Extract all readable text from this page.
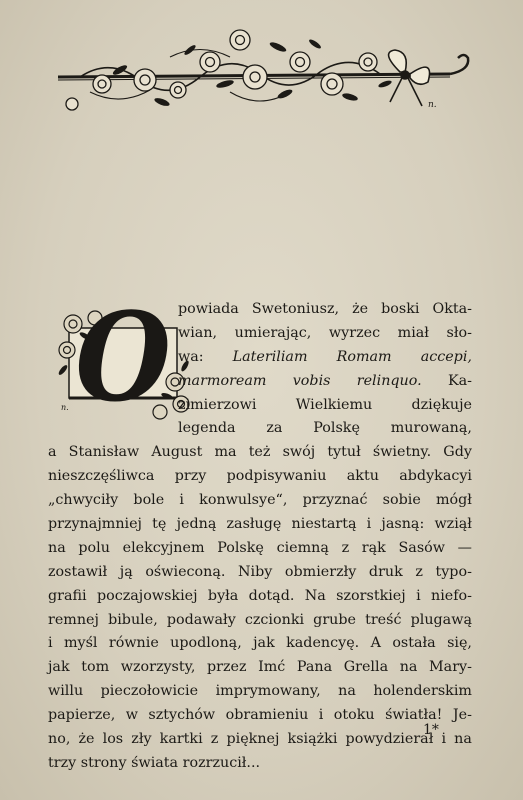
n.
n. O powiada Swetoniusz, że boski Okta-
wian, umierając, wyrzec miał sło-
wa: Lateriliam Romam accepi,
marmoream vobis relinquo. Ka-
zimierzowi	Wielkiemu	dziękuje
legenda za Polskę murowaną,
a Stanisław August ma też swój tytuł świetny. Gdy
nieszczęśliwca przy podpisywaniu aktu abdykacyi
„chwyciły bole i konwulsye“, przyznać sobie mógł
przynajmniej tę jedną zasługę niestartą i jasną: wziął
na polu elekcyjnem Polskę ciemną z rąk Sasów —
zostawił ją oświeconą. Niby obmierzły druk z typo-
grafii poczajowskiej była dotąd. Na szorstkiej i niefo-
remnej bibule, podawały czcionki grube treść plugawą
i myśl równie upodloną, jak kadencyę. A ostała się,
jak tom wzorzysty, przez Imć Pana Grella na Mary-
willu pieczołowicie imprymowany, na holenderskim
papierze, w sztychów obramieniu i otoku światła! Je-
no, że los zły kartki z pięknej książki powydzierał i na
trzy strony świata rozrzucił...
1*
